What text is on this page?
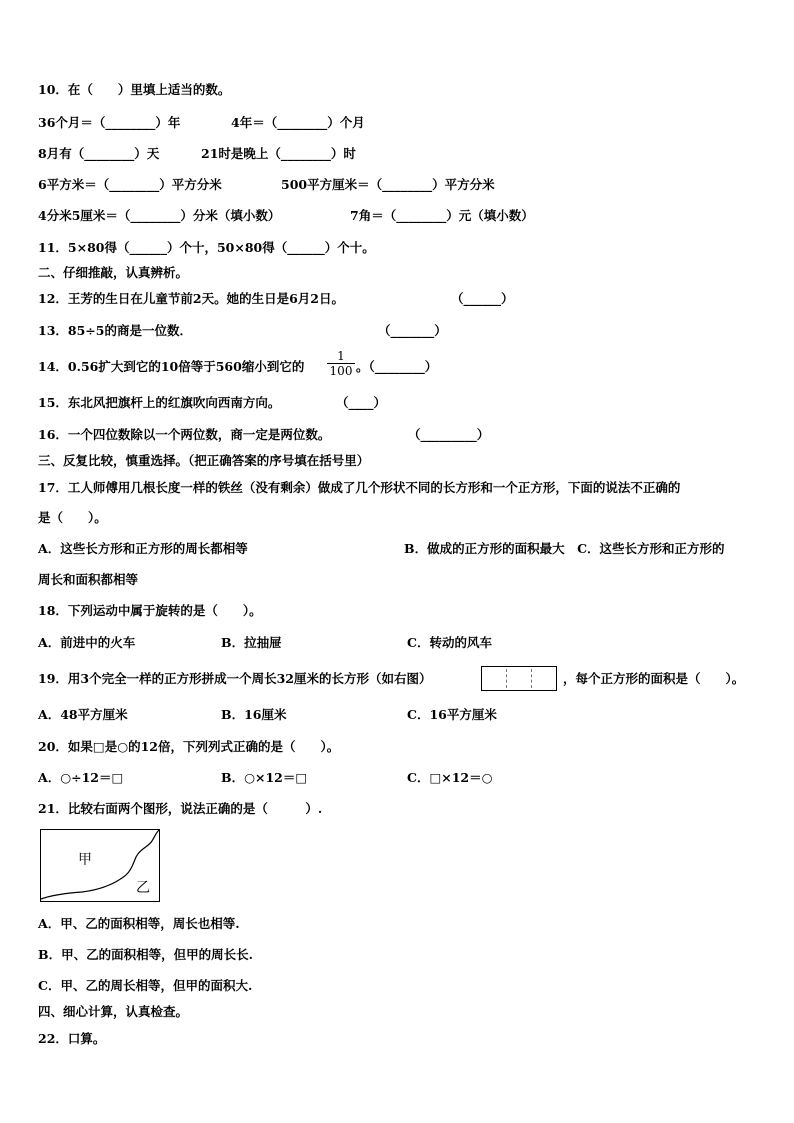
10．在（　　）里填上适当的数。
36个月＝（________）年	4年＝（________）个月
8月有（________）天	21时是晚上（________）时
6平方米＝（________）平方分米	500平方厘米＝（________）平方分米
4分米5厘米＝（________）分米（填小数）	7角＝（________）元（填小数）
11．5×80得（______）个十，50×80得（______）个十。
二、仔细推敲，认真辨析。
12．王芳的生日在儿童节前2天。她的生日是6月2日。	（______）
13．85÷5的商是一位数．	（_______）
14．0.56扩大到它的10倍等于560缩小到它的	。（________）
$\frac{1}{100}$
15．东北风把旗杆上的红旗吹向西南方向。	（____）
16．一个四位数除以一个两位数，商一定是两位数。	（_________）
三、反复比较，慎重选择。（把正确答案的序号填在括号里）
17．工人师傅用几根长度一样的铁丝（没有剩余）做成了几个形状不同的长方形和一个正方形，下面的说法不正确的
是（　　）。
A．这些长方形和正方形的周长都相等	B．做成的正方形的面积最大　C．这些长方形和正方形的
周长和面积都相等
18．下列运动中属于旋转的是（　　）。
A．前进中的火车	B．拉抽屉	C．转动的风车
19．用3个完全一样的正方形拼成一个周长32厘米的长方形（如右图）	，每个正方形的面积是（　　）。
A．48平方厘米	B．16厘米	C．16平方厘米
20．如果□是○的12倍，下列列式正确的是（　　）。
A．○÷12＝□	B．○×12＝□	C．□×12＝○
21．比较右面两个图形，说法正确的是（　　　）.
甲
乙
A．甲、乙的面积相等，周长也相等.
B．甲、乙的面积相等，但甲的周长长.
C．甲、乙的周长相等，但甲的面积大.
四、细心计算，认真检查。
22．口算。
